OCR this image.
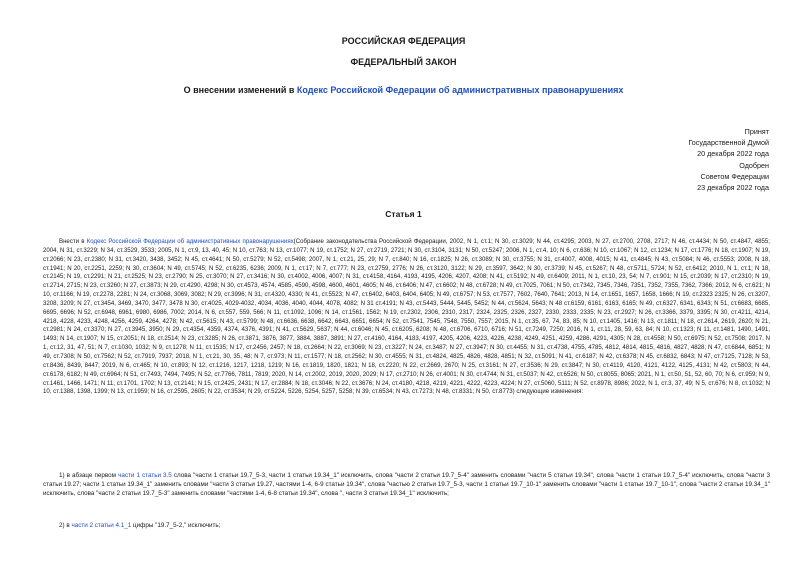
РОССИЙСКАЯ ФЕДЕРАЦИЯ
ФЕДЕРАЛЬНЫЙ ЗАКОН
О внесении изменений в Кодекс Российской Федерации об административных правонарушениях
Принят
Государственной Думой
20 декабря 2022 года
Одобрен
Советом Федерации
23 декабря 2022 года
Статья 1
Внести в Кодекс Российской Федерации об административных правонарушениях(Собрание законодательства Российской Федерации, 2002, N 1, ст.1; N 30, ст.3029; N 44, ст.4295; 2003, N 27, ст.2700, 2708, 2717; N 46, ст.4434; N 50, ст.4847, 4855; 2004, N 31, ст.3229; N 34, ст.3529, 3533; 2005, N 1, ст.9, 13, 40, 45; N 10, ст.763; N 13, ст.1077; N 19, ст.1752; N 27, ст.2719, 2721; N 30, ст.3104, 3131; N 50, ст.5247; 2006, N 1, ст.4, 10; N 6, ст.636; N 10, ст.1067; N 12, ст.1234; N 17, ст.1776; N 18, ст.1907; N 19, ст.2066; N 23, ст.2380; N 31, ст.3420, 3438, 3452; N 45, ст.4641; N 50, ст.5279; N 52, ст.5498; 2007, N 1, ст.21, 25, 29; N 7, ст.840; N 16, ст.1825; N 26, ст.3089; N 30, ст.3755; N 31, ст.4007, 4008, 4015; N 41, ст.4845; N 43, ст.5084; N 46, ст.5553; 2008, N 18, ст.1941; N 20, ст.2251, 2259; N 30, ст.3604; N 49, ст.5745; N 52, ст.6235, 6236; 2009, N 1, ст.17; N 7, ст.777; N 23, ст.2759, 2776; N 26, ст.3120, 3122; N 29, ст.3597, 3642; N 30, ст.3739; N 45, ст.5267; N 48, ст.5711, 5724; N 52, ст.6412; 2010, N 1, ст.1; N 18, ст.2145; N 19, ст.2291; N 21, ст.2525; N 23, ст.2790; N 25, ст.3070; N 27, ст.3416; N 30, ст.4002, 4006, 4007; N 31, ст.4158, 4164, 4193, 4195, 4206, 4207, 4208; N 41, ст.5192; N 49, ст.6409; 2011, N 1, ст.10, 23, 54; N 7, ст.901; N 15, ст.2039; N 17, ст.2310; N 19, ст.2714, 2715; N 23, ст.3260; N 27, ст.3873; N 29, ст.4290, 4298; N 30, ст.4573, 4574, 4585, 4590, 4598, 4600, 4601, 4605; N 46, ст.6406; N 47, ст.6602; N 48, ст.6728; N 49, ст.7025, 7061; N 50, ст.7342, 7345, 7346, 7351, 7352, 7355, 7362, 7366; 2012, N 6, ст.621; N 10, ст.1166; N 19, ст.2278, 2281; N 24, ст.3068, 3069, 3082; N 29, ст.3996; N 31, ст.4320, 4330; N 41, ст.5523; N 47, ст.6402, 6403, 6404, 6405; N 49, ст.6757; N 53, ст.7577, 7602, 7640, 7641; 2013, N 14, ст.1651, 1657, 1658, 1666; N 19, ст.2323 2325; N 26, ст.3207, 3208, 3209; N 27, ст.3454, 3469, 3470, 3477, 3478 N 30, ст.4025, 4029-4032, 4034, 4036, 4040, 4044, 4078, 4082; N 31 ст.4191; N 43, ст.5443, 5444, 5445, 5452; N 44, ст.5624, 5643; N 48 ст.6159, 6161, 6163, 6165; N 49, ст.6327, 6341, 6343; N 51, ст.6683, 6685, 6695, 6696; N 52, ст.6948, 6961, 6980, 6986, 7002; 2014, N 6, ст.557, 559, 566; N 11, ст.1092, 1096; N 14, ст.1561, 1562; N 19, ст.2302, 2306, 2310, 2317, 2324, 2325, 2326, 2327, 2330, 2333, 2335; N 23, ст.2927; N 26, ст.3366, 3379, 3395; N 30, ст.4211, 4214, 4218, 4228, 4233, 4248, 4256, 4259, 4264, 4278; N 42, ст.5615; N 43, ст.5799; N 48, ст.6636, 6638, 6642, 6643, 6651, 6654; N 52, ст.7541, 7545, 7548, 7550, 7557; 2015, N 1, ст.35, 67, 74, 83, 85; N 10, ст.1405, 1416; N 13, ст.1811; N 18, ст.2614, 2619, 2620; N 21, ст.2981; N 24, ст.3370; N 27, ст.3945, 3950; N 29, ст.4354, 4359, 4374, 4376, 4391; N 41, ст.5629, 5637; N 44, ст.6046; N 45, ст.6205, 6208; N 48, ст.6706, 6710, 6716; N 51, ст.7249, 7250; 2016, N 1, ст.11, 28, 59, 63, 84; N 10, ст.1323; N 11, ст.1481, 1490, 1491, 1493; N 14, ст.1907; N 15, ст.2051; N 18, ст.2514; N 23, ст.3285; N 26, ст.3871, 3876, 3877, 3884, 3887, 3891; N 27, ст.4160, 4164, 4183, 4197, 4205, 4206, 4223, 4226, 4238, 4249, 4251, 4259, 4286, 4291, 4305; N 28, ст.4558; N 50, ст.6975; N 52, ст.7508; 2017, N 1, ст.12, 31, 47, 51; N 7, ст.1030, 1032; N 9, ст.1278; N 11, ст.1535; N 17, ст.2456, 2457; N 18, ст.2664; N 22, ст.3069; N 23, ст.3227; N 24, ст.3487; N 27, ст.3947; N 30, ст.4455; N 31, ст.4738, 4755, 4785, 4812, 4814, 4815, 4816, 4827, 4828; N 47, ст.6844, 6851; N 49, ст.7308; N 50, ст.7562; N 52, ст.7919, 7937; 2018, N 1, ст.21, 30, 35, 48; N 7, ст.973; N 11, ст.1577; N 18, ст.2562; N 30, ст.4555; N 31, ст.4824, 4825, 4826, 4828, 4851; N 32, ст.5091; N 41, ст.6187; N 42, ст.6378; N 45, ст.6832, 6843; N 47, ст.7125, 7128; N 53, ст.8436, 8439, 8447; 2019, N 6, ст.465; N 10, ст.893; N 12, ст.1216, 1217, 1218, 1219; N 16, ст.1819, 1820, 1821; N 18, ст.2220; N 22, ст.2669, 2670; N 25, ст.3161; N 27, ст.3536; N 29, ст.3847; N 30, ст.4119, 4120, 4121, 4122, 4125, 4131; N 42, ст.5803; N 44, ст.6178, 6182; N 49, ст.6964; N 51, ст.7493, 7494, 7495; N 52, ст.7766, 7811, 7819; 2020, N 14, ст.2002, 2019, 2020, 2029; N 17, ст.2710; N 26, ст.4001; N 30, ст.4744; N 31, ст.5037; N 42, ст.6526; N 50, ст.8055, 8065; 2021, N 1, ст.50, 51, 52, 60, 70; N 6, ст.959; N 9, ст.1461, 1466, 1471; N 11, ст.1701, 1702; N 13, ст.2141; N 15, ст.2425, 2431; N 17, ст.2884; N 18, ст.3046; N 22, ст.3676; N 24, ст.4180, 4218, 4219, 4221, 4222, 4223, 4224; N 27, ст.5060, 5111; N 52, ст.8978, 8986; 2022, N 1, ст.3, 37, 49; N 5, ст.676; N 8, ст.1032; N 10, ст.1388, 1398, 1399; N 13, ст.1959; N 16, ст.2595, 2605; N 22, ст.3534; N 29, ст.5224, 5226, 5254, 5257, 5258; N 39, ст.6534; N 43, ст.7273; N 48, ст.8331; N 50, ст.8773) следующие изменения:
1) в абзаце первом части 1 статьи 3.5 слова "части 1 статьи 19.7_5-3, части 1 статьи 19.34_1" исключить, слова "части 2 статьи 19.7_5-4" заменить словами "части 5 статьи 19.34", слова "части 1 статьи 19.7_5-4" исключить, слова "части 3 статьи 19.27; части 1 статьи 19.34_1" заменить словами "части 3 статьи 19.27, частями 1-4, 6-9 статьи 19.34", слова "частью 2 статьи 19.7_5-3, части 1 статьи 19.7_10-1" заменить словами "части 1 статьи 19.7_10-1", слова "части 2 статьи 19.34_1" исключить, слова "части 2 статьи 19.7_5-3" заменить словами "частями 1-4, 6-8 статьи 19.34", слова ", части 3 статьи 19.34_1" исключить;
2) в части 2 статьи 4.1_1 цифры "19.7_5-2," исключить;
